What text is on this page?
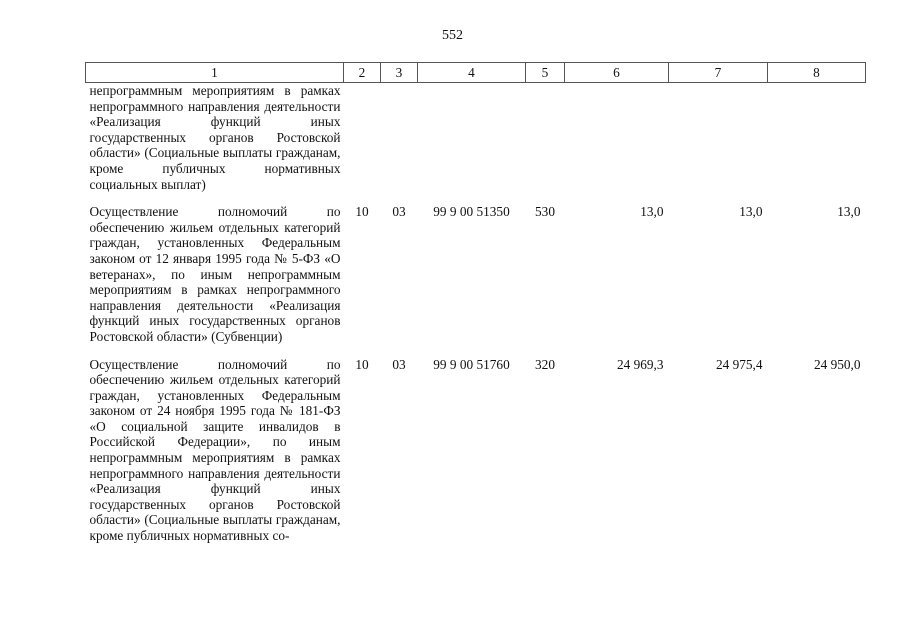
552
1	2	3	4	5	6	7	8
непрограммным мероприятиям в рамках непрограммного направления деятельности «Реализация функций иных государственных органов Ростовской области» (Социальные выплаты гражданам, кроме публичных нормативных социальных выплат)							

Осуществление полномочий по обеспечению жильем отдельных категорий граждан, установленных Федеральным законом от 12 января 1995 года № 5-ФЗ «О ветеранах», по иным непрограммным мероприятиям в рамках непрограммного направления деятельности «Реализация функций иных государственных органов Ростовской области» (Субвенции)	10	03	99 9 00 51350	530	13,0	13,0	13,0

Осуществление полномочий по обеспечению жильем отдельных категорий граждан, установленных Федеральным законом от 24 ноября 1995 года № 181-ФЗ «О социальной защите инвалидов в Российской Федерации», по иным непрограммным мероприятиям в рамках непрограммного направления деятельности «Реализация функций иных государственных органов Ростовской области» (Социальные выплаты гражданам, кроме публичных нормативных со-	10	03	99 9 00 51760	320	24 969,3	24 975,4	24 950,0
